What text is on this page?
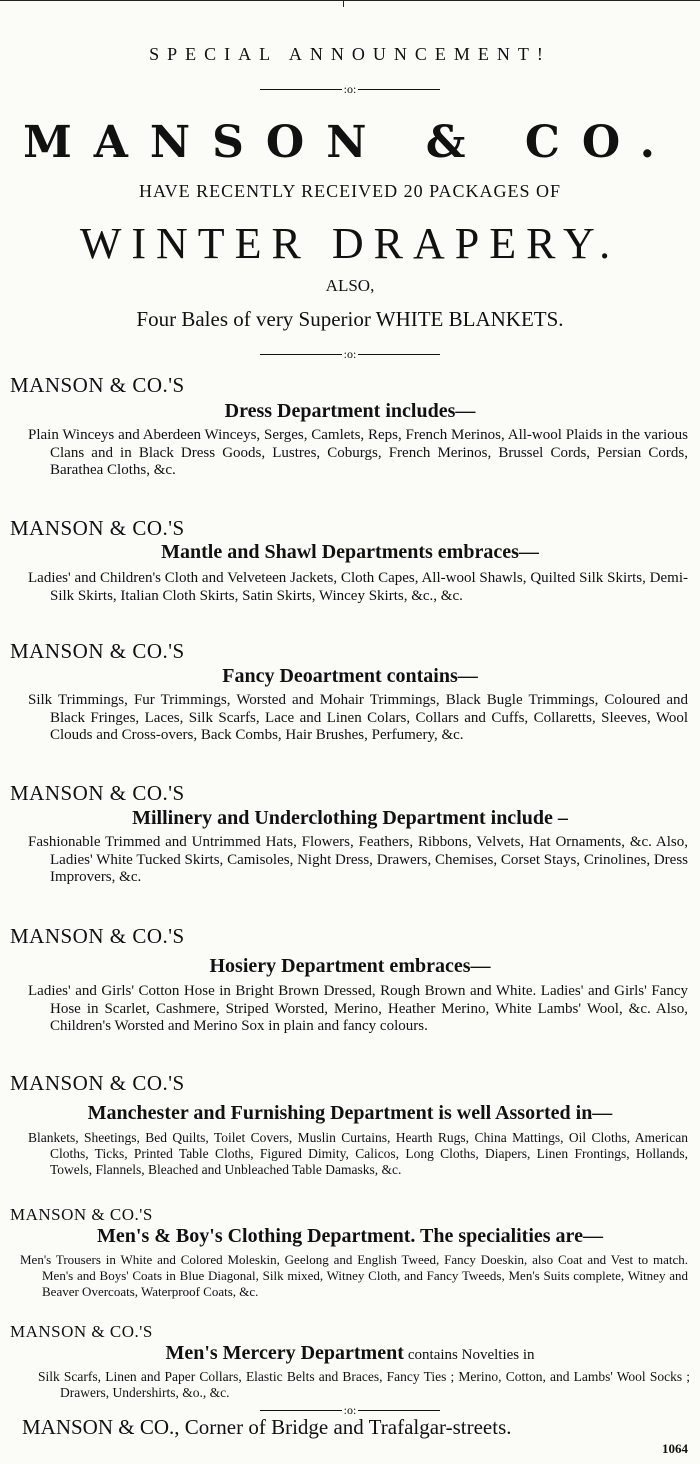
SPECIAL ANNOUNCEMENT!
:o:
MANSON & CO.
HAVE RECENTLY RECEIVED 20 PACKAGES OF
WINTER DRAPERY.
ALSO,
Four Bales of very Superior WHITE BLANKETS.
:o:
MANSON & CO.'S
Dress Department includes—

Plain Winceys and Aberdeen Winceys, Serges, Camlets, Reps, French Merinos, All-wool Plaids in the various Clans and in Black Dress Goods, Lustres, Coburgs, French Merinos, Brussel Cords, Persian Cords, Barathea Cloths, &c.

MANSON & CO.'S
Mantle and Shawl Departments embraces—

Ladies' and Children's Cloth and Velveteen Jackets, Cloth Capes, All-wool Shawls, Quilted Silk Skirts, Demi-Silk Skirts, Italian Cloth Skirts, Satin Skirts, Wincey Skirts, &c., &c.

MANSON & CO.'S
Fancy Deoartment contains—

Silk Trimmings, Fur Trimmings, Worsted and Mohair Trimmings, Black Bugle Trimmings, Coloured and Black Fringes, Laces, Silk Scarfs, Lace and Linen Colars, Collars and Cuffs, Collaretts, Sleeves, Wool Clouds and Cross-overs, Back Combs, Hair Brushes, Perfumery, &c.

MANSON & CO.'S
Millinery and Underclothing Department include –

Fashionable Trimmed and Untrimmed Hats, Flowers, Feathers, Ribbons, Velvets, Hat Ornaments, &c. Also, Ladies' White Tucked Skirts, Camisoles, Night Dress, Drawers, Chemises, Corset Stays, Crinolines, Dress Improvers, &c.

MANSON & CO.'S
Hosiery Department embraces—

Ladies' and Girls' Cotton Hose in Bright Brown Dressed, Rough Brown and White. Ladies' and Girls' Fancy Hose in Scarlet, Cashmere, Striped Worsted, Merino, Heather Merino, White Lambs' Wool, &c. Also, Children's Worsted and Merino Sox in plain and fancy colours.

MANSON & CO.'S
Manchester and Furnishing Department is well Assorted in—

Blankets, Sheetings, Bed Quilts, Toilet Covers, Muslin Curtains, Hearth Rugs, China Mattings, Oil Cloths, American Cloths, Ticks, Printed Table Cloths, Figured Dimity, Calicos, Long Cloths, Diapers, Linen Frontings, Hollands, Towels, Flannels, Bleached and Unbleached Table Damasks, &c.

MANSON & CO.'S
Men's & Boy's Clothing Department. The specialities are—

Men's Trousers in White and Colored Moleskin, Geelong and English Tweed, Fancy Doeskin, also Coat and Vest to match. Men's and Boys' Coats in Blue Diagonal, Silk mixed, Witney Cloth, and Fancy Tweeds, Men's Suits complete, Witney and Beaver Overcoats, Waterproof Coats, &c.

MANSON & CO.'S
Men's Mercery Department contains Novelties in

Silk Scarfs, Linen and Paper Collars, Elastic Belts and Braces, Fancy Ties ; Merino, Cotton, and Lambs' Wool Socks ; Drawers, Undershirts, &o., &c.

:o:
MANSON & CO., Corner of Bridge and Trafalgar-streets.
1064
